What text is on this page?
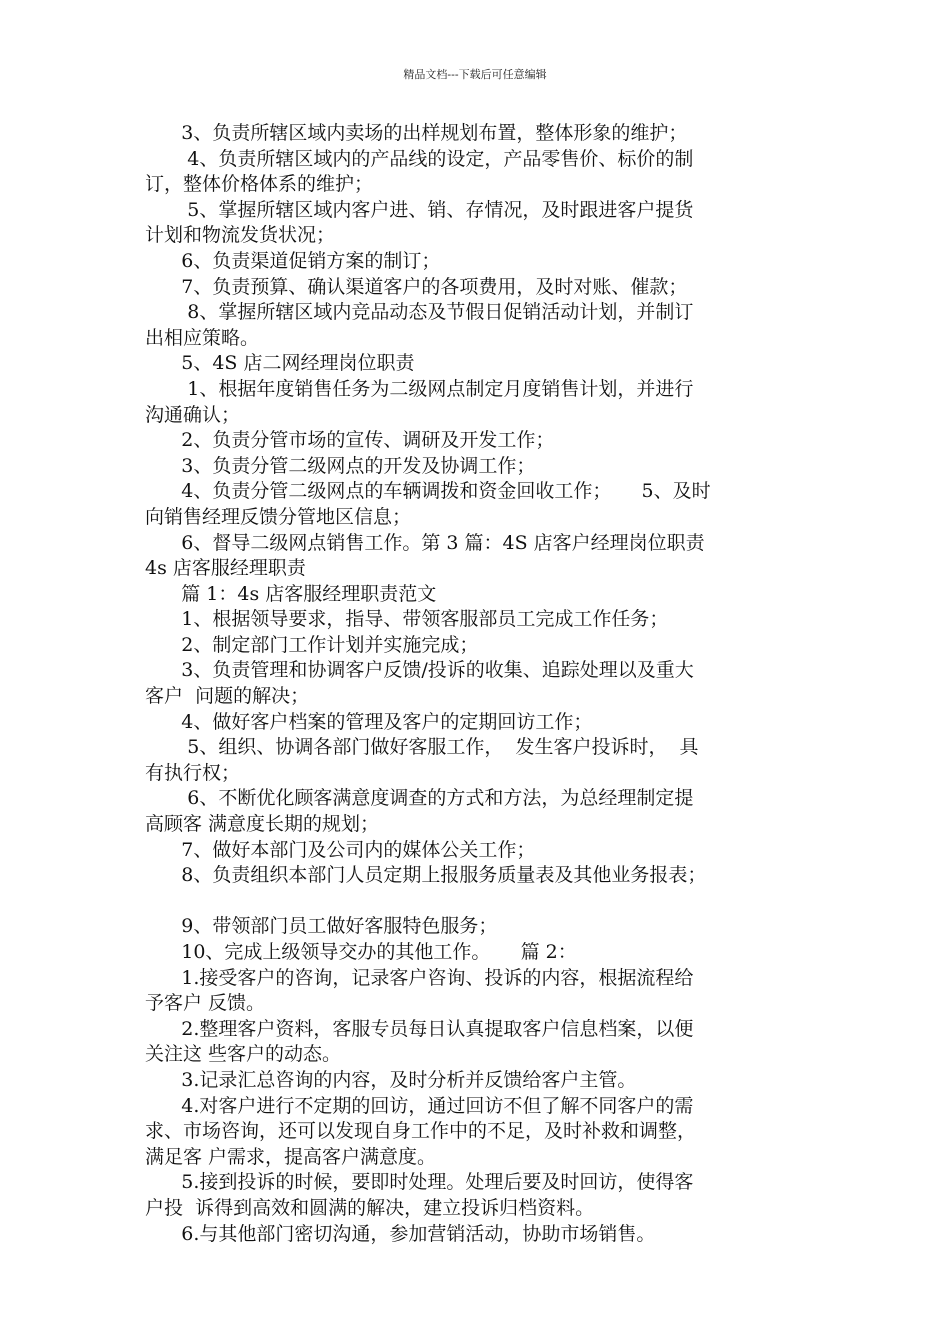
精品文档---下载后可任意编辑
3、负责所辖区域内卖场的出样规划布置，整体形象的维护；
4、负责所辖区域内的产品线的设定，产品零售价、标价的制
订，整体价格体系的维护；
5、掌握所辖区域内客户进、销、存情况，及时跟进客户提货
计划和物流发货状况；
6、负责渠道促销方案的制订；
7、负责预算、确认渠道客户的各项费用，及时对账、催款；
8、掌握所辖区域内竞品动态及节假日促销活动计划，并制订
出相应策略。
5、4S 店二网经理岗位职责
1、根据年度销售任务为二级网点制定月度销售计划，并进行
沟通确认；
2、负责分管市场的宣传、调研及开发工作；
3、负责分管二级网点的开发及协调工作；
4、负责分管二级网点的车辆调拨和资金回收工作；     5、及时
向销售经理反馈分管地区信息；
6、督导二级网点销售工作。第 3 篇：4S 店客户经理岗位职责
4s 店客服经理职责
篇 1：4s 店客服经理职责范文
1、根据领导要求，指导、带领客服部员工完成工作任务；
2、制定部门工作计划并实施完成；
3、负责管理和协调客户反馈/投诉的收集、追踪处理以及重大
客户  问题的解决；
4、做好客户档案的管理及客户的定期回访工作；
5、组织、协调各部门做好客服工作，  发生客户投诉时，  具
有执行权；
6、不断优化顾客满意度调查的方式和方法，为总经理制定提
高顾客 满意度长期的规划；
7、做好本部门及公司内的媒体公关工作；
8、负责组织本部门人员定期上报服务质量表及其他业务报表；
9、带领部门员工做好客服特色服务；
10、完成上级领导交办的其他工作。     篇 2：
1.接受客户的咨询，记录客户咨询、投诉的内容，根据流程给
予客户 反馈。
2.整理客户资料，客服专员每日认真提取客户信息档案，以便
关注这 些客户的动态。
3.记录汇总咨询的内容，及时分析并反馈给客户主管。
4.对客户进行不定期的回访，通过回访不但了解不同客户的需
求、市场咨询，还可以发现自身工作中的不足，及时补救和调整，
满足客 户需求，提高客户满意度。
5.接到投诉的时候，要即时处理。处理后要及时回访，使得客
户投  诉得到高效和圆满的解决，建立投诉归档资料。
6.与其他部门密切沟通，参加营销活动，协助市场销售。
